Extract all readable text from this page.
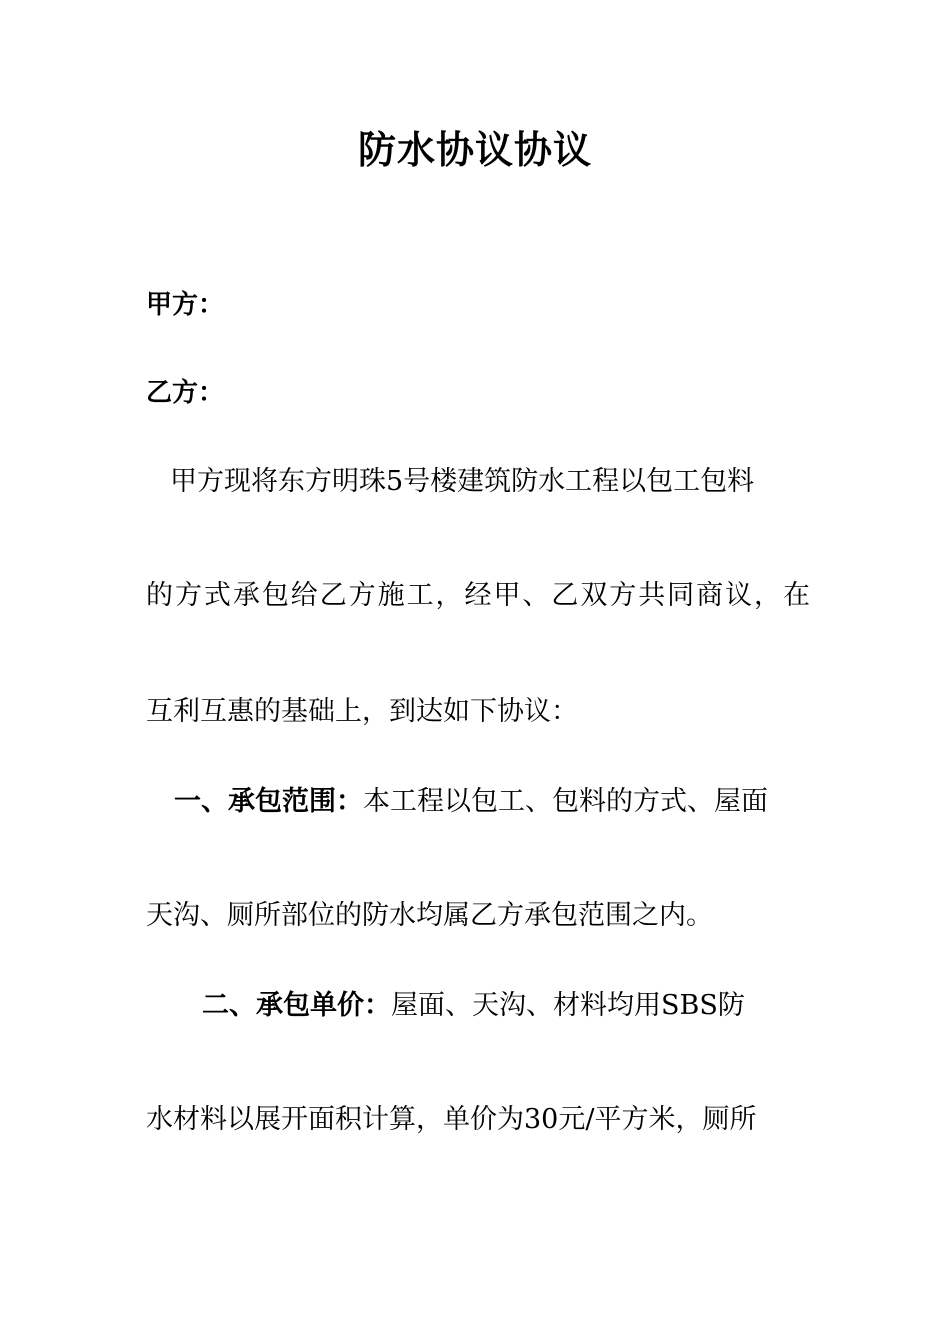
防水协议协议
甲方：
乙方：
甲方现将东方明珠5号楼建筑防水工程以包工包料
的方式承包给乙方施工，经甲、乙双方共同商议，在
互利互惠的基础上，到达如下协议：
一、承包范围：本工程以包工、包料的方式、屋面
天沟、厕所部位的防水均属乙方承包范围之内。
二、承包单价：屋面、天沟、材料均用SBS防
水材料以展开面积计算，单价为30元/平方米，厕所
